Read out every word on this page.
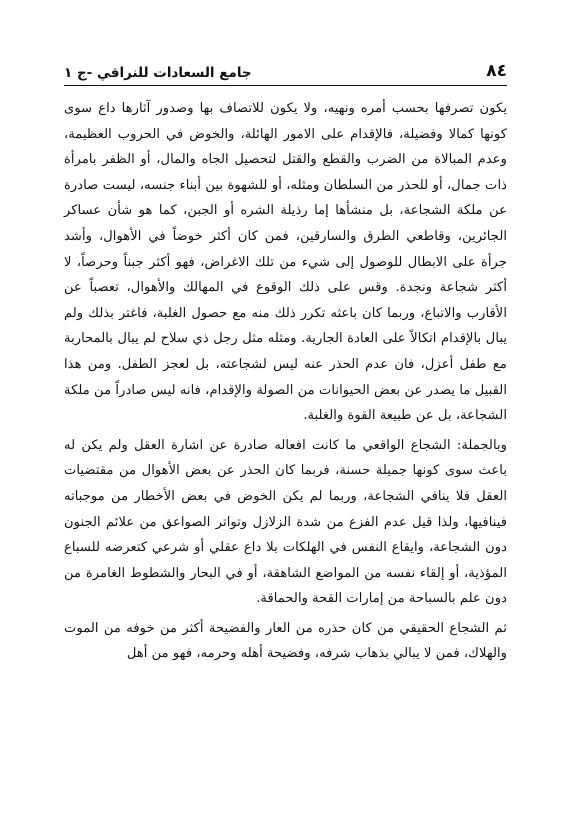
جامع السعادات للنراقي -ج ١	٨٤

يكون تصرفها بحسب أمره ونهيه، ولا يكون للاتصاف بها وصدور آثارها داع سوى كونها كمالا وفضيلة، فالإقدام على الامور الهائلة، والخوض في الحروب العظيمة، وعدم المبالاة من الضرب والقطع والقتل لتحصيل الجاه والمال، أو الظفر بامرأة ذات جمال، أو للحذر من السلطان ومثله، أو للشهوة بين أبناء جنسه، ليست صادرة عن ملكة الشجاعة، بل منشأها إما رذيلة الشره أو الجبن، كما هو شأن عساكر الجائرين، وقاطعي الطرق والسارقين، فمن كان أكثر خوضاً في الأهوال، وأشد جرأة على الابطال للوصول إلى شيء من تلك الاغراض، فهو أكثر جبناً وحرصاً، لا أكثر شجاعة ونجدة. وقس على ذلك الوقوع في المهالك والأهوال، تعصباً عن الأقارب والاتباع، وربما كان باعثه تكرر ذلك منه مع حصول الغلبة، فاغتر بذلك ولم يبال بالإقدام اتكالاً على العادة الجارية. ومثله مثل رجل ذي سلاح لم يبال بالمحاربة مع طفل أعزل، فان عدم الحذر عنه ليس لشجاعته، بل لعجز الطفل. ومن هذا القبيل ما يصدر عن بعض الحيوانات من الصولة والإقدام، فانه ليس صادراً من ملكة الشجاعة، بل عن طبيعة القوة والغلبة.

وبالجملة: الشجاع الواقعي ما كانت افعاله صادرة عن اشارة العقل ولم يكن له باعث سوى كونها جميلة حسنة، فربما كان الحذر عن بعض الأهوال من مقتضيات العقل فلا ينافي الشجاعة، وربما لم يكن الخوض في بعض الأخطار من موجباته فينافيها، ولذا قيل عدم الفزع من شدة الزلازل وتواتر الصواعق من علائم الجنون دون الشجاعة، وايقاع النفس في الهلكات بلا داع عقلي أو شرعي كتعرضه للسباع المؤذية، أو إلقاء نفسه من المواضع الشاهقة، أو في البحار والشطوط الغامرة من دون علم بالسباحة من إمارات القحة والحماقة.

ثم الشجاع الحقيقي من كان حذره من العار والفضيحة أكثر من خوفه من الموت والهلاك، فمن لا يبالي بذهاب شرفه، وفضيحة أهله وحرمه، فهو من أهل
